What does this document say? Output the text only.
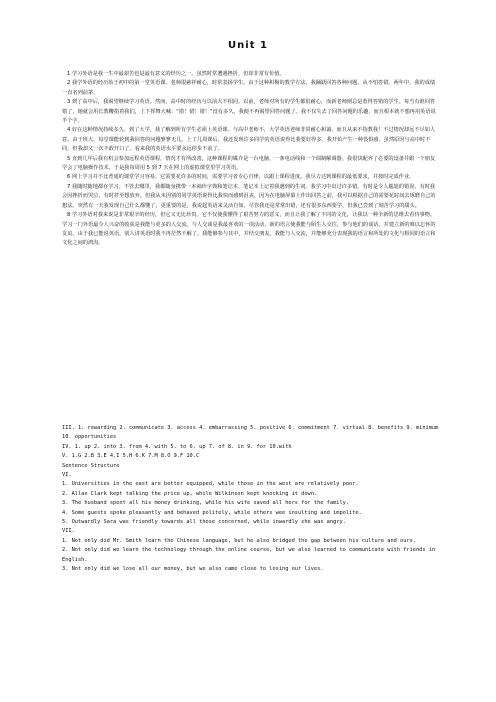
Unit 1

1 学习外语是我一生中最艰苦也是最有意义的经历之一。虽然时常遭遇挫折，但却非常有价值。

2 我学外语的经历始于初中的第一堂英语课。老师很慈祥耐心，时常表扬学生。由于这种积极的教学方法，我踊跃回答各种问题，从不怕答错。两年中，我的成绩一直名列前茅。

3 到了高中后，我渴望继续学习英语。然而，高中时的经历与以前大不相同。以前，老师对所有的学生都很耐心，而新老师则总是惹得答错的学生。每当有谁回答错了，她就会用长教鞭指着我们，上下挥舞大喊：“错！错！错！”没有多久，我便不再渴望回答问题了。我不仅失去了回答问题的乐趣，而且根本就不想再用英语说半个字。

4 好在这种情况持续多久。到了大学，我了解到所有学生必须上英语课。与高中老师不，大学英语老师非常耐心和蔼，而且从来不指教我！不过情况却远不尽如人意。由于班大，每堂课能轮到我回答的问题寥寥无几。上了几周课后，我还发现许多同学的英语说得比我要好得多。我开始产生一种畏惧感，虽然原因与高中时不同，但我却又一次不敢开口了。看来我的英语水平要永远停步不前了。

5 直到几年后我有机会参加远程英语课程，情况才有所改善。这种课程的媒介是一台电脑、一条电话线和一个调制解调器。我很快配齐了必要的设备并跟一个朋友学会了电脑操作技术，于是我每周用 5 到 7 天在网上的虚拟课堂里学习英语。

6 网上学习并不比普通的课堂学习容易。它需要花许多的时间，需要学习者专心自律，以跟上课程进度。我尽力达到课程的最低要求，并按时完成作业。

7 我随时随地都在学习。不管去哪里，我都随身携带一本袖珍字典和笔记本，笔记本上记着我遇到的生词。我学习中出过许多错，有时是令人尴尬的错误。有时我会因挫折而哭泣，有时甚至想放弃。但我从未因别的同学英语说得比我快而感到沮丧，因为在电脑屏幕上作出回答之前，我可以根据自己的需要花时间去琢磨自己的想法。突然有一天我发现自己什么都懂了，更重要的是，我说起英语来灵活自如。尽管我还是常常出错，还有很多东西要学，但我已尝到了刻苦学习的甜头。

8 学习外语对我来说是非常艰辛的经历，但它又无比珍贵。它不仅使我懂得了艰苦努力的意义，而且让我了解了不同的文化，让我以一种全新的思维去看待事物。学习一门外语最令人兴奋的收获是我能与更多的人交流。与人交谈是我最喜欢的一项活动，新的语言使我能与陌生人交往，参与他们的谈话，并建立新的难以忘怀的友谊。由于我已能说英语，别人讲英语时我不再茫然不解了。我能够参与其中，并结交朋友。我能与人交流，并能够充分表现我的语言和所处的文化与相同的语言和文化之间的鸿沟。

III. 1. rewarding 2. communicate 3. access 4. embarrassing 5. positive 6. commitment 7. virtual 8. benefits 9. minimum 10. opportunities

IV. 1. up 2. into 3. from 4. with 5. to 6. up 7. of 8. in 9. for 10.with

V. 1.G 2.B 3.E 4.I 5.H 6.K 7.M 8.O 9.F 10.C

Sentence Structure

VI.

1. Universities in the east are better equipped, while those in the west are relatively poor.

2. Allan Clark kept talking the price up, while Wilkinson kept knocking it down.

3. The husband spent all his money drinking, while his wife saved all hers for the family.

4. Some guests spoke pleasantly and behaved politely, while others wee insulting and impolite.

5. Outwardly Sara was friendly towards all those concerned, while inwardly she was angry.

VII.

1. Not only did Mr. Smith learn the Chinese language, but he also bridged the gap between his culture and ours.

2. Not only did we learn the technology through the online course, but we also learned to communicate with friends in English.

3. Not only did we lose all our money, but we also came close to losing our lives.
